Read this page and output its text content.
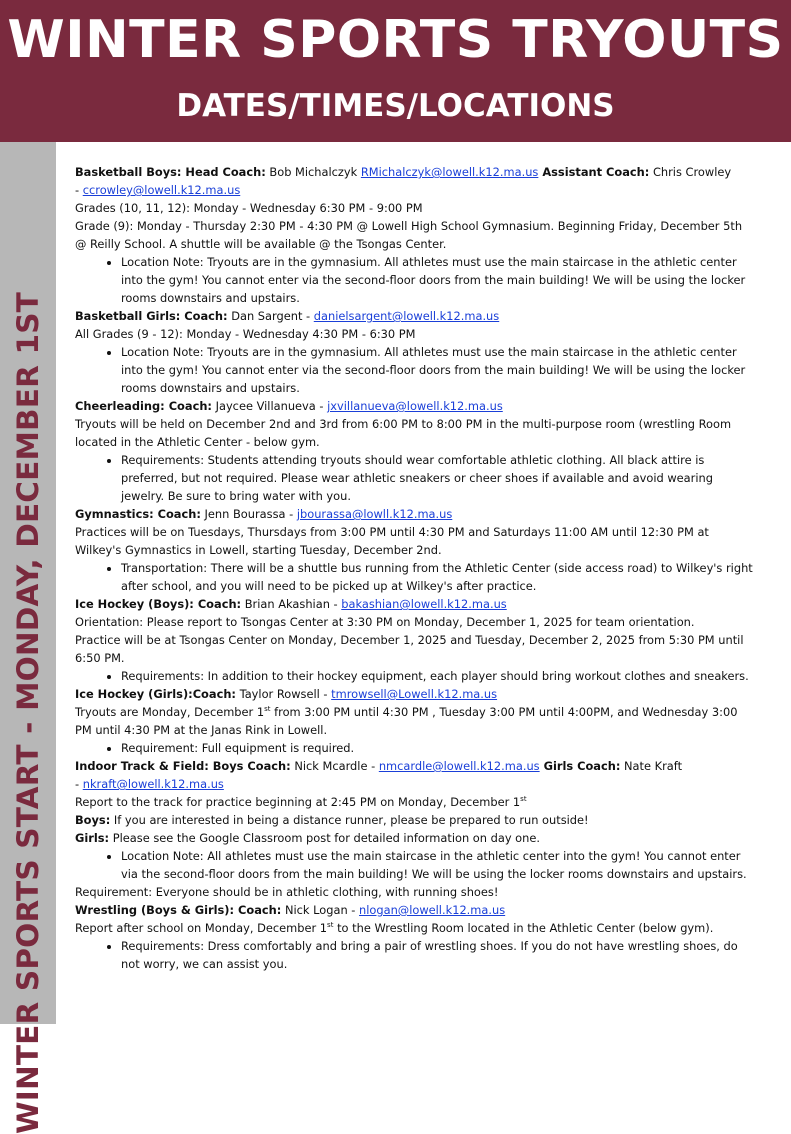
WINTER SPORTS TRYOUTS
DATES/TIMES/LOCATIONS
WINTER SPORTS START - MONDAY, DECEMBER 1ST

Basketball Boys: Head Coach: Bob Michalczyk RMichalczyk@lowell.k12.ma.us Assistant Coach: Chris Crowley
- ccrowley@lowell.k12.ma.us

Grades (10, 11, 12): Monday - Wednesday 6:30 PM - 9:00 PM

Grade (9): Monday - Thursday 2:30 PM - 4:30 PM @ Lowell High School Gymnasium. Beginning Friday, December 5th @ Reilly School. A shuttle will be available @ the Tsongas Center.

• Location Note: Tryouts are in the gymnasium. All athletes must use the main staircase in the athletic center into the gym! You cannot enter via the second-floor doors from the main building! We will be using the locker rooms downstairs and upstairs.

Basketball Girls: Coach: Dan Sargent - danielsargent@lowell.k12.ma.us

All Grades (9 - 12): Monday - Wednesday 4:30 PM - 6:30 PM

• Location Note: Tryouts are in the gymnasium. All athletes must use the main staircase in the athletic center into the gym! You cannot enter via the second-floor doors from the main building! We will be using the locker rooms downstairs and upstairs.

Cheerleading: Coach: Jaycee Villanueva - jxvillanueva@lowell.k12.ma.us

Tryouts will be held on December 2nd and 3rd from 6:00 PM to 8:00 PM in the multi-purpose room (wrestling Room located in the Athletic Center - below gym.

• Requirements: Students attending tryouts should wear comfortable athletic clothing. All black attire is preferred, but not required. Please wear athletic sneakers or cheer shoes if available and avoid wearing jewelry. Be sure to bring water with you.

Gymnastics: Coach: Jenn Bourassa - jbourassa@lowll.k12.ma.us

Practices will be on Tuesdays, Thursdays from 3:00 PM until 4:30 PM and Saturdays 11:00 AM until 12:30 PM at Wilkey's Gymnastics in Lowell, starting Tuesday, December 2nd.

• Transportation: There will be a shuttle bus running from the Athletic Center (side access road) to Wilkey's right after school, and you will need to be picked up at Wilkey's after practice.

Ice Hockey (Boys): Coach: Brian Akashian - bakashian@lowell.k12.ma.us

Orientation: Please report to Tsongas Center at 3:30 PM on Monday, December 1, 2025 for team orientation.

Practice will be at Tsongas Center on Monday, December 1, 2025 and Tuesday, December 2, 2025 from 5:30 PM until 6:50 PM.

• Requirements: In addition to their hockey equipment, each player should bring workout clothes and sneakers.

Ice Hockey (Girls):Coach: Taylor Rowsell - tmrowsell@Lowell.k12.ma.us

Tryouts are Monday, December 1st from 3:00 PM until 4:30 PM , Tuesday 3:00 PM until 4:00PM, and Wednesday 3:00 PM until 4:30 PM at the Janas Rink in Lowell.

• Requirement: Full equipment is required.

Indoor Track & Field: Boys Coach: Nick Mcardle - nmcardle@lowell.k12.ma.us Girls Coach: Nate Kraft
- nkraft@lowell.k12.ma.us

Report to the track for practice beginning at 2:45 PM on Monday, December 1st

Boys: If you are interested in being a distance runner, please be prepared to run outside!

Girls: Please see the Google Classroom post for detailed information on day one.

• Location Note: All athletes must use the main staircase in the athletic center into the gym! You cannot enter via the second-floor doors from the main building! We will be using the locker rooms downstairs and upstairs.

Requirement: Everyone should be in athletic clothing, with running shoes!

Wrestling (Boys & Girls): Coach: Nick Logan - nlogan@lowell.k12.ma.us

Report after school on Monday, December 1st to the Wrestling Room located in the Athletic Center (below gym).

• Requirements: Dress comfortably and bring a pair of wrestling shoes. If you do not have wrestling shoes, do not worry, we can assist you.
